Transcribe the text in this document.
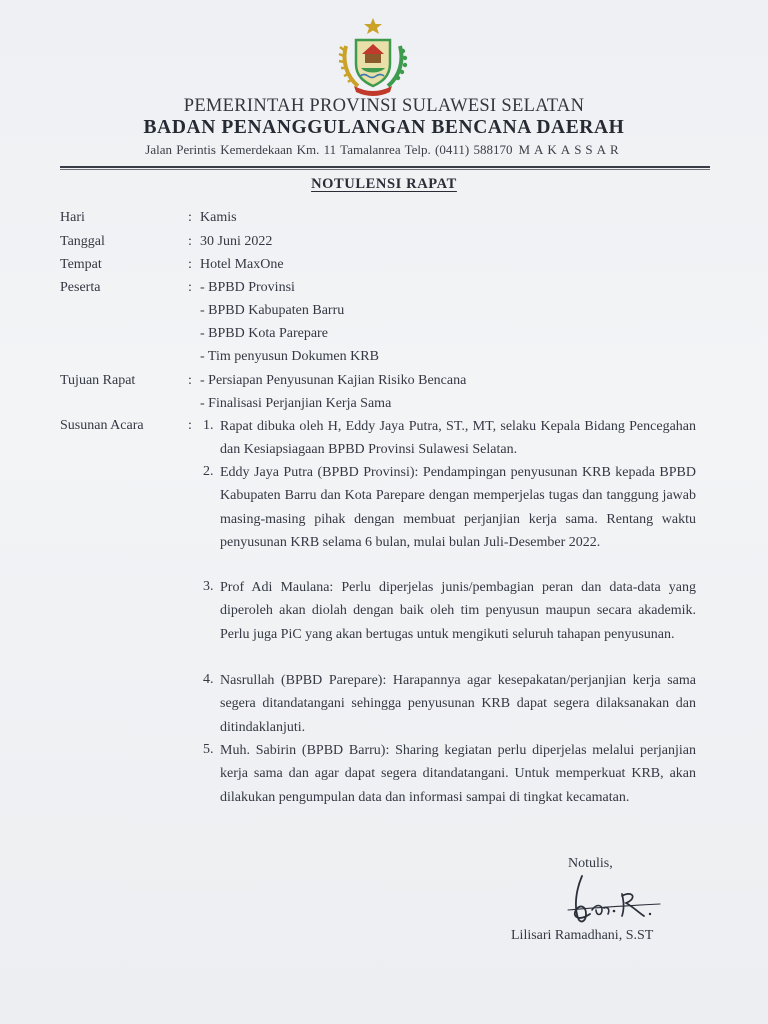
PEMERINTAH PROVINSI SULAWESI SELATAN
BADAN PENANGGULANGAN BENCANA DAERAH
Jalan Perintis Kemerdekaan Km. 11 Tamalanrea Telp. (0411) 588170 MAKASSAR
NOTULENSI RAPAT
Hari	: Kamis
Tanggal	: 30 Juni 2022
Tempat	: Hotel MaxOne
Peserta	: - BPBD Provinsi
- BPBD Kabupaten Barru
- BPBD Kota Parepare
- Tim penyusun Dokumen KRB
Tujuan Rapat	: - Persiapan Penyusunan Kajian Risiko Bencana
- Finalisasi Perjanjian Kerja Sama
Susunan Acara	: 1. Rapat dibuka oleh H, Eddy Jaya Putra, ST., MT, selaku Kepala Bidang Pencegahan dan Kesiapsiagaan BPBD Provinsi Sulawesi Selatan.
2. Eddy Jaya Putra (BPBD Provinsi): Pendampingan penyusunan KRB kepada BPBD Kabupaten Barru dan Kota Parepare dengan memperjelas tugas dan tanggung jawab masing-masing pihak dengan membuat perjanjian kerja sama. Rentang waktu penyusunan KRB selama 6 bulan, mulai bulan Juli-Desember 2022.
3. Prof Adi Maulana: Perlu diperjelas junis/pembagian peran dan data-data yang diperoleh akan diolah dengan baik oleh tim penyusun maupun secara akademik. Perlu juga PiC yang akan bertugas untuk mengikuti seluruh tahapan penyusunan.
4. Nasrullah (BPBD Parepare): Harapannya agar kesepakatan/perjanjian kerja sama segera ditandatangani sehingga penyusunan KRB dapat segera dilaksanakan dan ditindaklanjuti.
5. Muh. Sabirin (BPBD Barru): Sharing kegiatan perlu diperjelas melalui perjanjian kerja sama dan agar dapat segera ditandatangani. Untuk memperkuat KRB, akan dilakukan pengumpulan data dan informasi sampai di tingkat kecamatan.
Notulis,
Lilisari Ramadhani, S.ST
